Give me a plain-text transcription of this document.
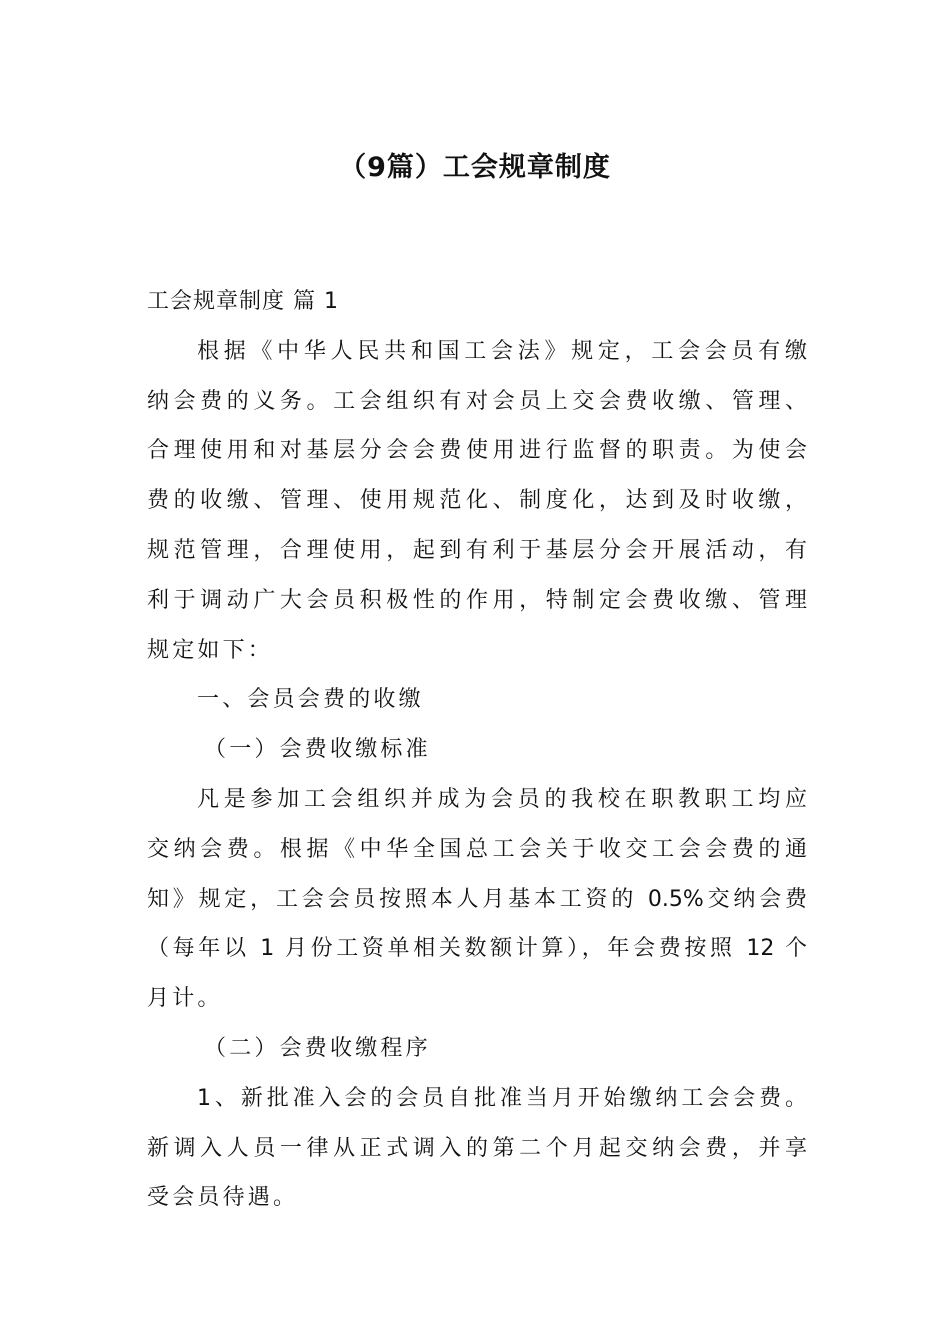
（9篇）工会规章制度
工会规章制度 篇 1
根据《中华人民共和国工会法》规定，工会会员有缴
纳会费的义务。工会组织有对会员上交会费收缴、管理、
合理使用和对基层分会会费使用进行监督的职责。为使会
费的收缴、管理、使用规范化、制度化，达到及时收缴，
规范管理，合理使用，起到有利于基层分会开展活动，有
利于调动广大会员积极性的作用，特制定会费收缴、管理
规定如下：
一、会员会费的收缴
（一）会费收缴标准
凡是参加工会组织并成为会员的我校在职教职工均应
交纳会费。根据《中华全国总工会关于收交工会会费的通
知》规定，工会会员按照本人月基本工资的 0.5%交纳会费
（每年以 1 月份工资单相关数额计算），年会费按照 12 个
月计。
（二）会费收缴程序
1、新批准入会的会员自批准当月开始缴纳工会会费。
新调入人员一律从正式调入的第二个月起交纳会费，并享
受会员待遇。
